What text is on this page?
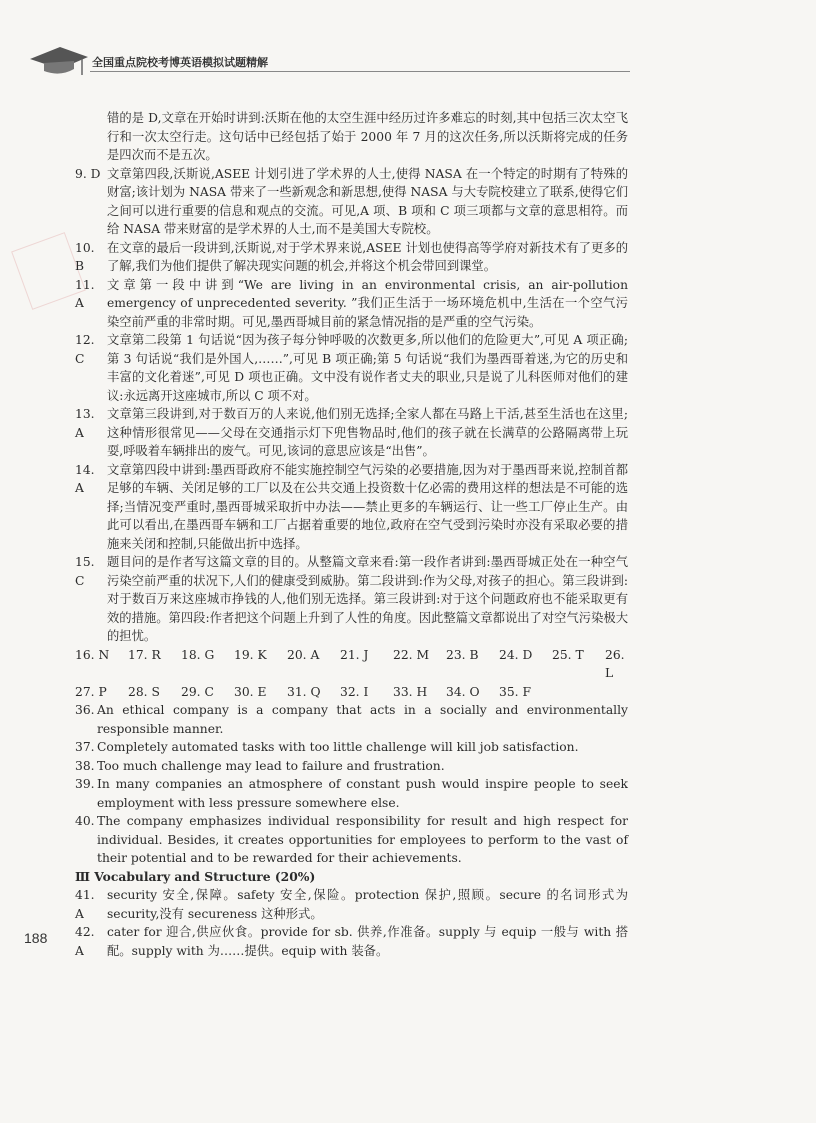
全国重点院校考博英语模拟试题精解
错的是 D,文章在开始时讲到:沃斯在他的太空生涯中经历过许多难忘的时刻,其中包括三次太空飞行和一次太空行走。这句话中已经包括了始于 2000 年 7 月的这次任务,所以沃斯将完成的任务是四次而不是五次。
9. D 文章第四段,沃斯说,ASEE 计划引进了学术界的人士,使得 NASA 在一个特定的时期有了特殊的财富;该计划为 NASA 带来了一些新观念和新思想,使得 NASA 与大专院校建立了联系,使得它们之间可以进行重要的信息和观点的交流。可见,A 项、B 项和 C 项三项都与文章的意思相符。而给 NASA 带来财富的是学术界的人士,而不是美国大专院校。
10. B
在文章的最后一段讲到,沃斯说,对于学术界来说,ASEE 计划也使得高等学府对新技术有了更多的了解,我们为他们提供了解决现实问题的机会,并将这个机会带回到课堂。
11. A
文章第一段中讲到“We are living in an environmental crisis, an air-pollution emergency of unprecedented severity. ”我们正生活于一场环境危机中,生活在一个空气污染空前严重的非常时期。可见,墨西哥城目前的紧急情况指的是严重的空气污染。
12. C
文章第二段第 1 句话说“因为孩子每分钟呼吸的次数更多,所以他们的危险更大”,可见 A 项正确;第 3 句话说“我们是外国人,……”,可见 B 项正确;第 5 句话说“我们为墨西哥着迷,为它的历史和丰富的文化着迷”,可见 D 项也正确。文中没有说作者丈夫的职业,只是说了儿科医师对他们的建议:永远离开这座城市,所以 C 项不对。
13. A
文章第三段讲到,对于数百万的人来说,他们别无选择;全家人都在马路上干活,甚至生活也在这里;这种情形很常见——父母在交通指示灯下兜售物品时,他们的孩子就在长满草的公路隔离带上玩耍,呼吸着车辆排出的废气。可见,该词的意思应该是“出售”。
14. A
文章第四段中讲到:墨西哥政府不能实施控制空气污染的必要措施,因为对于墨西哥来说,控制首都足够的车辆、关闭足够的工厂以及在公共交通上投资数十亿必需的费用这样的想法是不可能的选择;当情况变严重时,墨西哥城采取折中办法——禁止更多的车辆运行、让一些工厂停止生产。由此可以看出,在墨西哥车辆和工厂占据着重要的地位,政府在空气受到污染时亦没有采取必要的措施来关闭和控制,只能做出折中选择。
15. C
题目问的是作者写这篇文章的目的。从整篇文章来看:第一段作者讲到:墨西哥城正处在一种空气污染空前严重的状况下,人们的健康受到威胁。第二段讲到:作为父母,对孩子的担心。第三段讲到:对于数百万来这座城市挣钱的人,他们别无选择。第三段讲到:对于这个问题政府也不能采取更有效的措施。第四段:作者把这个问题上升到了人性的角度。因此整篇文章都说出了对空气污染极大的担忧。
16. N	17. R	18. G	19. K	20. A	21. J	22. M	23. B	24. D	25. T	26. L
27. P	28. S	29. C	30. E	31. Q	32. I	33. H	34. O	35. F
36. An ethical company is a company that acts in a socially and environmentally responsible manner.
37. Completely automated tasks with too little challenge will kill job satisfaction.
38. Too much challenge may lead to failure and frustration.
39. In many companies an atmosphere of constant push would inspire people to seek employment with less pressure somewhere else.
40. The company emphasizes individual responsibility for result and high respect for individual. Besides, it creates opportunities for employees to perform to the vast of their potential and to be rewarded for their achievements.
Ⅲ Vocabulary and Structure (20%)
41. A
security 安全,保障。safety 安全,保险。protection 保护,照顾。secure 的名词形式为 security,没有 secureness 这种形式。
42. A
cater for 迎合,供应伙食。provide for sb. 供养,作准备。supply 与 equip 一般与 with 搭配。supply with 为……提供。equip with 装备。
188
